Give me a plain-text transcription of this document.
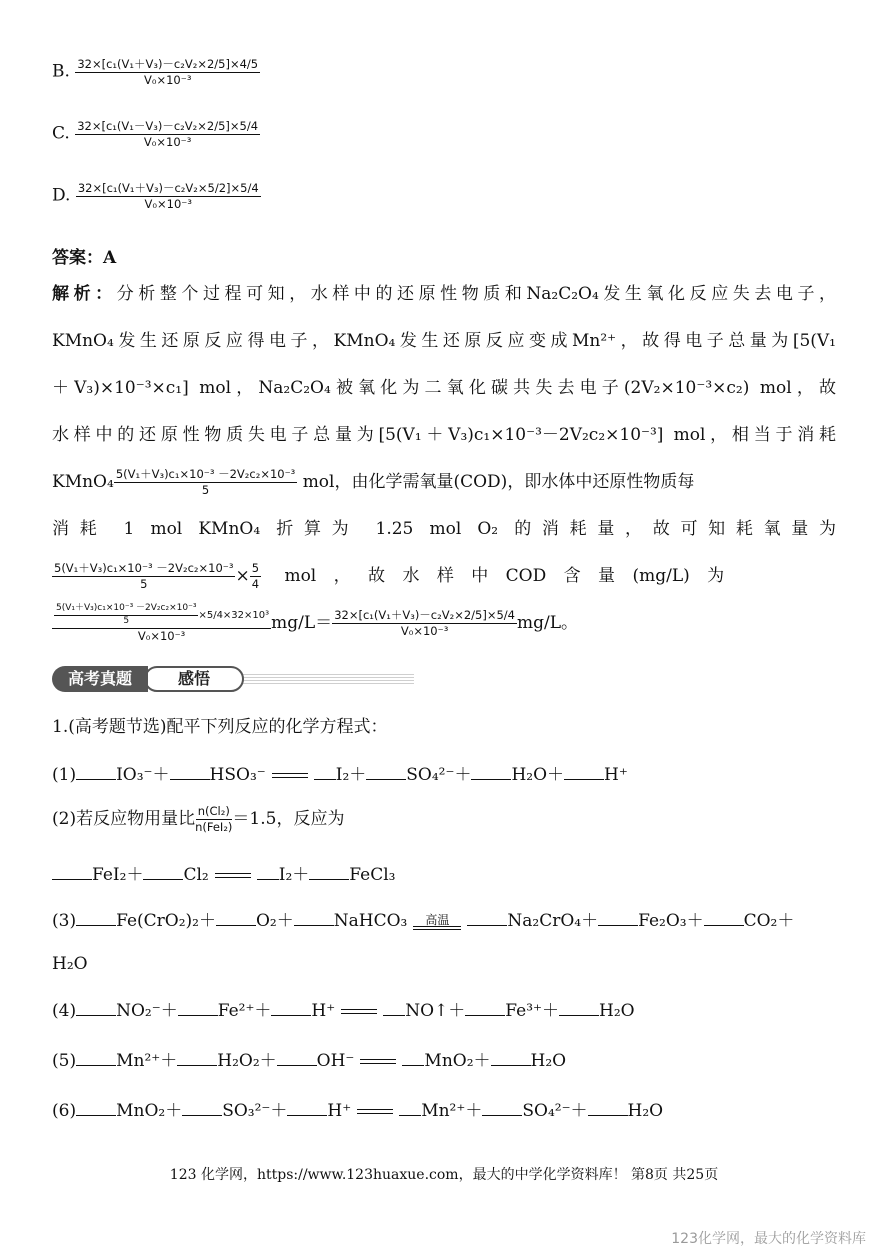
B. $\frac{\text{32×[c₁(V₁＋V₃)－c₂V₂×2/5]×4/5}}{\text{V₀×10⁻³}}$
C. $\frac{\text{32×[c₁(V₁－V₃)－c₂V₂×2/5]×5/4}}{\text{V₀×10⁻³}}$
D. $\frac{\text{32×[c₁(V₁＋V₃)－c₂V₂×5/2]×5/4}}{\text{V₀×10⁻³}}$
答案：A
解析：分析整个过程可知，水样中的还原性物质和Na₂C₂O₄发生氧化反应失去电子，
KMnO₄发生还原反应得电子，KMnO₄发生还原反应变成Mn²⁺，故得电子总量为[5(V₁
＋V₃)×10⁻³×c₁] mol，Na₂C₂O₄被氧化为二氧化碳共失去电子(2V₂×10⁻³×c₂) mol，故
水样中的还原性物质失电子总量为[5(V₁＋V₃)c₁×10⁻³－2V₂c₂×10⁻³] mol，相当于消耗
KMnO₄ $\frac{\text{5(V₁＋V₃)c₁×10⁻³ －2V₂c₂×10⁻³}}{5}$ mol，由化学需氧量(COD)，即水体中还原性物质每
消耗 1 mol KMnO₄ 折算为 1.25 mol O₂ 的消耗量，故可知耗氧量为
$\frac{\text{5(V₁＋V₃)c₁×10⁻³ －2V₂c₂×10⁻³}}{5} \times \frac{5}{4}$ mol ， 故 水 样 中 COD 含 量 (mg/L) 为
$\frac{\frac{\text{5(V₁＋V₃)c₁×10⁻³ －2V₂c₂×10⁻³}}{5} \times 5/4\times 32\times 10^3}{\text{V₀×10⁻³}} mg/L= \frac{\text{32×[c₁(V₁＋V₃)－c₂V₂×2/5]×5/4}}{\text{V₀×10⁻³}} mg/L$。
感悟
高考真题
1.(高考题节选)配平下列反应的化学方程式：
(1) IO₃⁻＋ HSO₃⁻	I₂＋ SO₄²⁻＋ H₂O＋ H⁺
(2)若反应物用量比 $\frac{\text{n(Cl₂)}}{\text{n(FeI₂)}} =1.5$，反应为
FeI₂＋ Cl₂	I₂＋ FeCl₃
(3) Fe(CrO₂)₂＋ O₂＋ NaHCO₃ 高温	Na₂CrO₄＋ Fe₂O₃＋ CO₂＋
H₂O
(4) NO₂⁻＋ Fe²⁺＋ H⁺	NO↑＋ Fe³⁺＋ H₂O
(5) Mn²⁺＋ H₂O₂＋ OH⁻	MnO₂＋ H₂O
(6) MnO₂＋ SO₃²⁻＋ H⁺	Mn²⁺＋ SO₄²⁻＋ H₂O
123 化学网，https://www.123huaxue.com，最大的中学化学资料库！ 第8页 共25页
123化学网，最大的化学资料库
